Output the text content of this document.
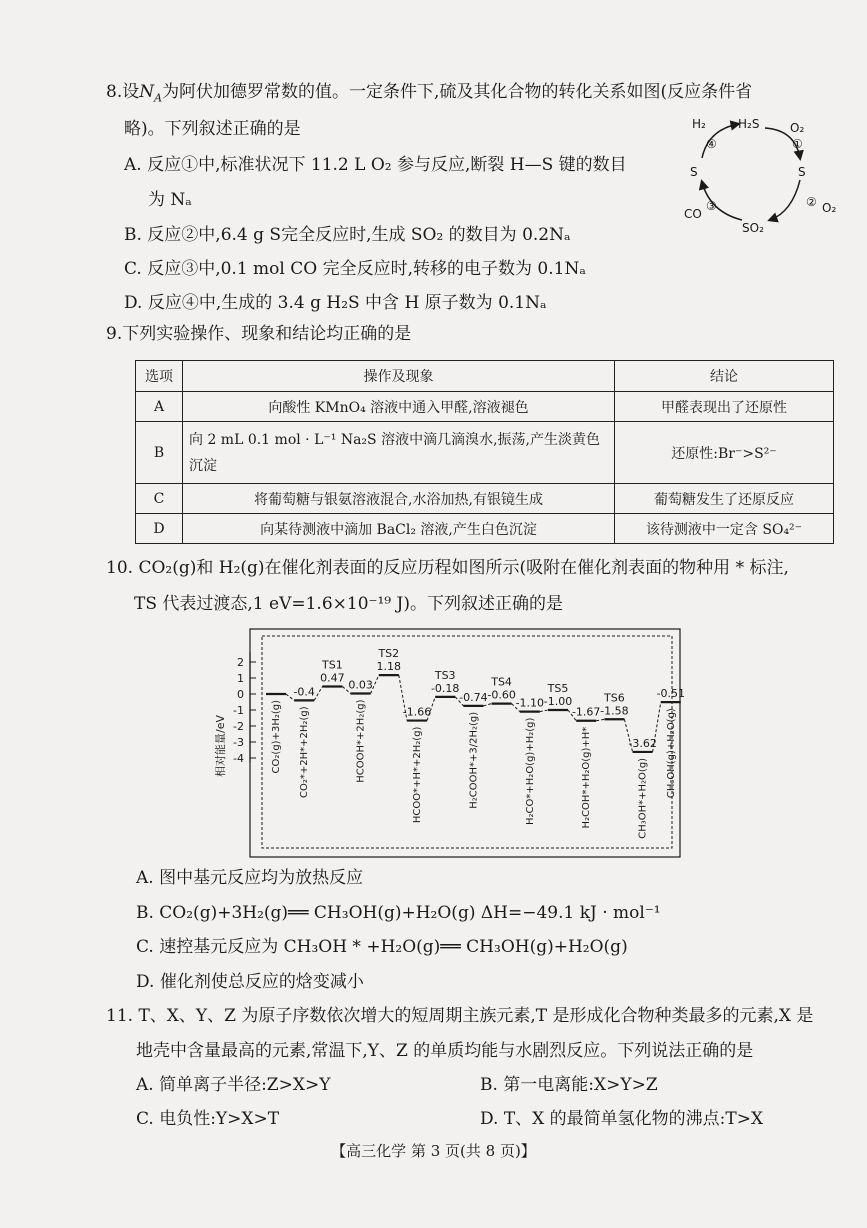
8.设$N_A$为阿伏加德罗常数的值。一定条件下,硫及其化合物的转化关系如图(反应条件省
略)。下列叙述正确的是
A. 反应①中,标准状况下 11.2 L O₂ 参与反应,断裂 H—S 键的数目
为 Nₐ
B. 反应②中,6.4 g S完全反应时,生成 SO₂ 的数目为 0.2Nₐ
C. 反应③中,0.1 mol CO 完全反应时,转移的电子数为 0.1Nₐ
D. 反应④中,生成的 3.4 g H₂S 中含 H 原子数为 0.1Nₐ
H₂S
H₂	O₂
S	S
CO
SO₂
O₂
①
②
③
④
9.下列实验操作、现象和结论均正确的是
选项	操作及现象	结论
A	向酸性 KMnO₄ 溶液中通入甲醛,溶液褪色	甲醛表现出了还原性
B	向 2 mL 0.1 mol · L⁻¹ Na₂S 溶液中滴几滴溴水,振荡,产生淡黄色沉淀	还原性:Br⁻>S²⁻
C	将葡萄糖与银氨溶液混合,水浴加热,有银镜生成	葡萄糖发生了还原反应
D	向某待测液中滴加 BaCl₂ 溶液,产生白色沉淀	该待测液中一定含 SO₄²⁻
10. CO₂(g)和 H₂(g)在催化剂表面的反应历程如图所示(吸附在催化剂表面的物种用 * 标注,
TS 代表过渡态,1 eV=1.6×10⁻¹⁹ J)。下列叙述正确的是
相对能量/eV
2
1
0
-1
-2
-3
-4	CO₂(g)+3H₂(g)
-0.4
CO₂*+2H*+2H₂(g)
0.47
TS1
0.03
HCOOH*+2H₂(g)
1.18
TS2
-1.66
HCOO*+H*+2H₂(g)
-0.18
TS3
-0.74
H₂COOH*+3/2H₂(g)
-0.60
TS4
-1.10
H₂CO*+H₂O(g)+H₂(g)
-1.00
TS5
-1.67
H₂COH*+H₂O(g)+H*
-1.58
TS6
-3.62
CH₃OH*+H₂O(g)
-0.51
CH₃OH(g)+H₂O(g)
A. 图中基元反应均为放热反应
B. CO₂(g)+3H₂(g)══ CH₃OH(g)+H₂O(g) ΔH=−49.1 kJ · mol⁻¹
C. 速控基元反应为 CH₃OH * +H₂O(g)══ CH₃OH(g)+H₂O(g)
D. 催化剂使总反应的焓变减小
11. T、X、Y、Z 为原子序数依次增大的短周期主族元素,T 是形成化合物种类最多的元素,X 是
地壳中含量最高的元素,常温下,Y、Z 的单质均能与水剧烈反应。下列说法正确的是
A. 简单离子半径:Z>X>Y	B. 第一电离能:X>Y>Z
C. 电负性:Y>X>T	D. T、X 的最简单氢化物的沸点:T>X
【高三化学 第 3 页(共 8 页)】
